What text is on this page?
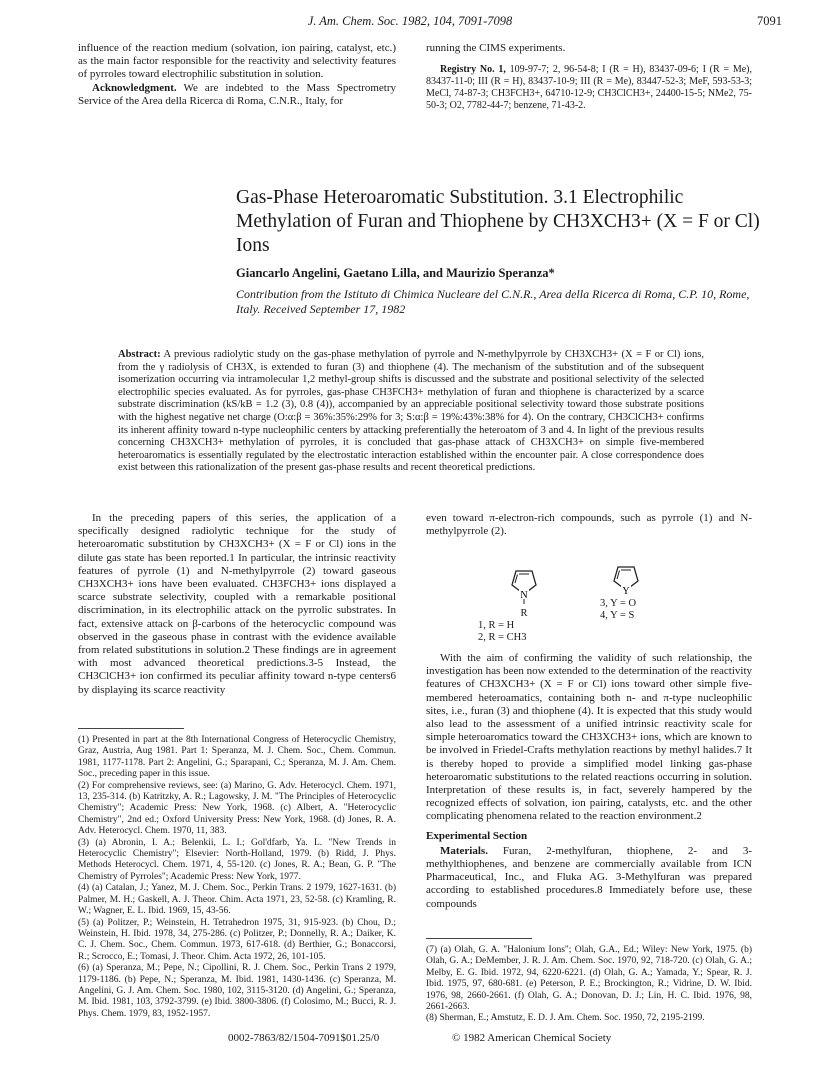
J. Am. Chem. Soc. 1982, 104, 7091-7098	7091

influence of the reaction medium (solvation, ion pairing, catalyst, etc.) as the main factor responsible for the reactivity and selectivity features of pyrroles toward electrophilic substitution in solution.

Acknowledgment. We are indebted to the Mass Spectrometry Service of the Area della Ricerca di Roma, C.N.R., Italy, for

running the CIMS experiments.

Registry No. 1, 109-97-7; 2, 96-54-8; I (R = H), 83437-09-6; I (R = Me), 83437-11-0; III (R = H), 83437-10-9; III (R = Me), 83447-52-3; MeF, 593-53-3; MeCl, 74-87-3; CH3FCH3+, 64710-12-9; CH3ClCH3+, 24400-15-5; NMe2, 75-50-3; O2, 7782-44-7; benzene, 71-43-2.

Gas-Phase Heteroaromatic Substitution. 3.1 Electrophilic Methylation of Furan and Thiophene by CH3XCH3+ (X = F or Cl) Ions
Giancarlo Angelini, Gaetano Lilla, and Maurizio Speranza*
Contribution from the Istituto di Chimica Nucleare del C.N.R., Area della Ricerca di Roma, C.P. 10, Rome, Italy. Received September 17, 1982

Abstract: A previous radiolytic study on the gas-phase methylation of pyrrole and N-methylpyrrole by CH3XCH3+ (X = F or Cl) ions, from the γ radiolysis of CH3X, is extended to furan (3) and thiophene (4). The mechanism of the substitution and of the subsequent isomerization occurring via intramolecular 1,2 methyl-group shifts is discussed and the substrate and positional selectivity of the selected electrophilic species evaluated. As for pyrroles, gas-phase CH3FCH3+ methylation of furan and thiophene is characterized by a scarce substrate discrimination (kS/kB = 1.2 (3), 0.8 (4)), accompanied by an appreciable positional selectivity toward those substrate positions with the highest negative net charge (O:α:β = 36%:35%:29% for 3; S:α:β = 19%:43%:38% for 4). On the contrary, CH3ClCH3+ confirms its inherent affinity toward n-type nucleophilic centers by attacking preferentially the heteroatom of 3 and 4. In light of the previous results concerning CH3XCH3+ methylation of pyrroles, it is concluded that gas-phase attack of CH3XCH3+ on simple five-membered heteroaromatics is essentially regulated by the electrostatic interaction established within the encounter pair. A close correspondence does exist between this rationalization of the present gas-phase results and recent theoretical predictions.

In the preceding papers of this series, the application of a specifically designed radiolytic technique for the study of heteroaromatic substitution by CH3XCH3+ (X = F or Cl) ions in the dilute gas state has been reported.1 In particular, the intrinsic reactivity features of pyrrole (1) and N-methylpyrrole (2) toward gaseous CH3XCH3+ ions have been evaluated. CH3FCH3+ ions displayed a scarce substrate selectivity, coupled with a remarkable positional discrimination, in its electrophilic attack on the pyrrolic substrates. In fact, extensive attack on β-carbons of the heterocyclic compound was observed in the gaseous phase in contrast with the evidence available from related substitutions in solution.2 These findings are in agreement with most advanced theoretical predictions.3-5 Instead, the CH3ClCH3+ ion confirmed its peculiar affinity toward n-type centers6 by displaying its scarce reactivity

(1) Presented in part at the 8th International Congress of Heterocyclic Chemistry, Graz, Austria, Aug 1981. Part 1: Speranza, M. J. Chem. Soc., Chem. Commun. 1981, 1177-1178. Part 2: Angelini, G.; Sparapani, C.; Speranza, M. J. Am. Chem. Soc., preceding paper in this issue.

(2) For comprehensive reviews, see: (a) Marino, G. Adv. Heterocycl. Chem. 1971, 13, 235-314. (b) Katritzky, A. R.; Lagowsky, J. M. "The Principles of Heterocyclic Chemistry"; Academic Press: New York, 1968. (c) Albert, A. "Heterocyclic Chemistry", 2nd ed.; Oxford University Press: New York, 1968. (d) Jones, R. A. Adv. Heterocycl. Chem. 1970, 11, 383.

(3) (a) Abronin, I. A.; Belenkii, L. I.; Gol'dfarb, Ya. L. "New Trends in Heterocyclic Chemistry"; Elsevier: North-Holland, 1979. (b) Ridd, J. Phys. Methods Heterocycl. Chem. 1971, 4, 55-120. (c) Jones, R. A.; Bean, G. P. "The Chemistry of Pyrroles"; Academic Press: New York, 1977.

(4) (a) Catalan, J.; Yanez, M. J. Chem. Soc., Perkin Trans. 2 1979, 1627-1631. (b) Palmer, M. H.; Gaskell, A. J. Theor. Chim. Acta 1971, 23, 52-58. (c) Kramling, R. W.; Wagner, E. L. Ibid. 1969, 15, 43-56.

(5) (a) Politzer, P.; Weinstein, H. Tetrahedron 1975, 31, 915-923. (b) Chou, D.; Weinstein, H. Ibid. 1978, 34, 275-286. (c) Politzer, P.; Donnelly, R. A.; Daiker, K. C. J. Chem. Soc., Chem. Commun. 1973, 617-618. (d) Berthier, G.; Bonaccorsi, R.; Scrocco, E.; Tomasi, J. Theor. Chim. Acta 1972, 26, 101-105.

(6) (a) Speranza, M.; Pepe, N.; Cipollini, R. J. Chem. Soc., Perkin Trans 2 1979, 1179-1186. (b) Pepe, N.; Speranza, M. Ibid. 1981, 1430-1436. (c) Speranza, M. Angelini, G. J. Am. Chem. Soc. 1980, 102, 3115-3120. (d) Angelini, G.; Speranza, M. Ibid. 1981, 103, 3792-3799. (e) Ibid. 3800-3806. (f) Colosimo, M.; Bucci, R. J. Phys. Chem. 1979, 83, 1952-1957.

even toward π-electron-rich compounds, such as pyrrole (1) and N-methylpyrrole (2).

N
R
1, R = H
2, R = CH3
Y
3, Y = O
4, Y = S

With the aim of confirming the validity of such relationship, the investigation has been now extended to the determination of the reactivity features of CH3XCH3+ (X = F or Cl) ions toward other simple five-membered heteroamatics, containing both n- and π-type nucleophilic sites, i.e., furan (3) and thiophene (4). It is expected that this study would also lead to the assessment of a unified intrinsic reactivity scale for simple heteroaromatics toward the CH3XCH3+ ions, which are known to be involved in Friedel-Crafts methylation reactions by methyl halides.7 It is thereby hoped to provide a simplified model linking gas-phase heteroaromatic substitutions to the related reactions occurring in solution. Interpretation of these results is, in fact, severely hampered by the recognized effects of solvation, ion pairing, catalysts, etc. and the other complicating phenomena related to the reaction environment.2

Experimental Section

Materials. Furan, 2-methylfuran, thiophene, 2- and 3-methylthiophenes, and benzene are commercially available from ICN Pharmaceutical, Inc., and Fluka AG. 3-Methylfuran was prepared according to established procedures.8 Immediately before use, these compounds

(7) (a) Olah, G. A. "Halonium Ions"; Olah, G.A., Ed.; Wiley: New York, 1975. (b) Olah, G. A.; DeMember, J. R. J. Am. Chem. Soc. 1970, 92, 718-720. (c) Olah, G. A.; Melby, E. G. Ibid. 1972, 94, 6220-6221. (d) Olah, G. A.; Yamada, Y.; Spear, R. J. Ibid. 1975, 97, 680-681. (e) Peterson, P. E.; Brockington, R.; Vidrine, D. W. Ibid. 1976, 98, 2660-2661. (f) Olah, G. A.; Donovan, D. J.; Lin, H. C. Ibid. 1976, 98, 2661-2663.

(8) Sherman, E.; Amstutz, E. D. J. Am. Chem. Soc. 1950, 72, 2195-2199.

0002-7863/82/1504-7091$01.25/0	© 1982 American Chemical Society
